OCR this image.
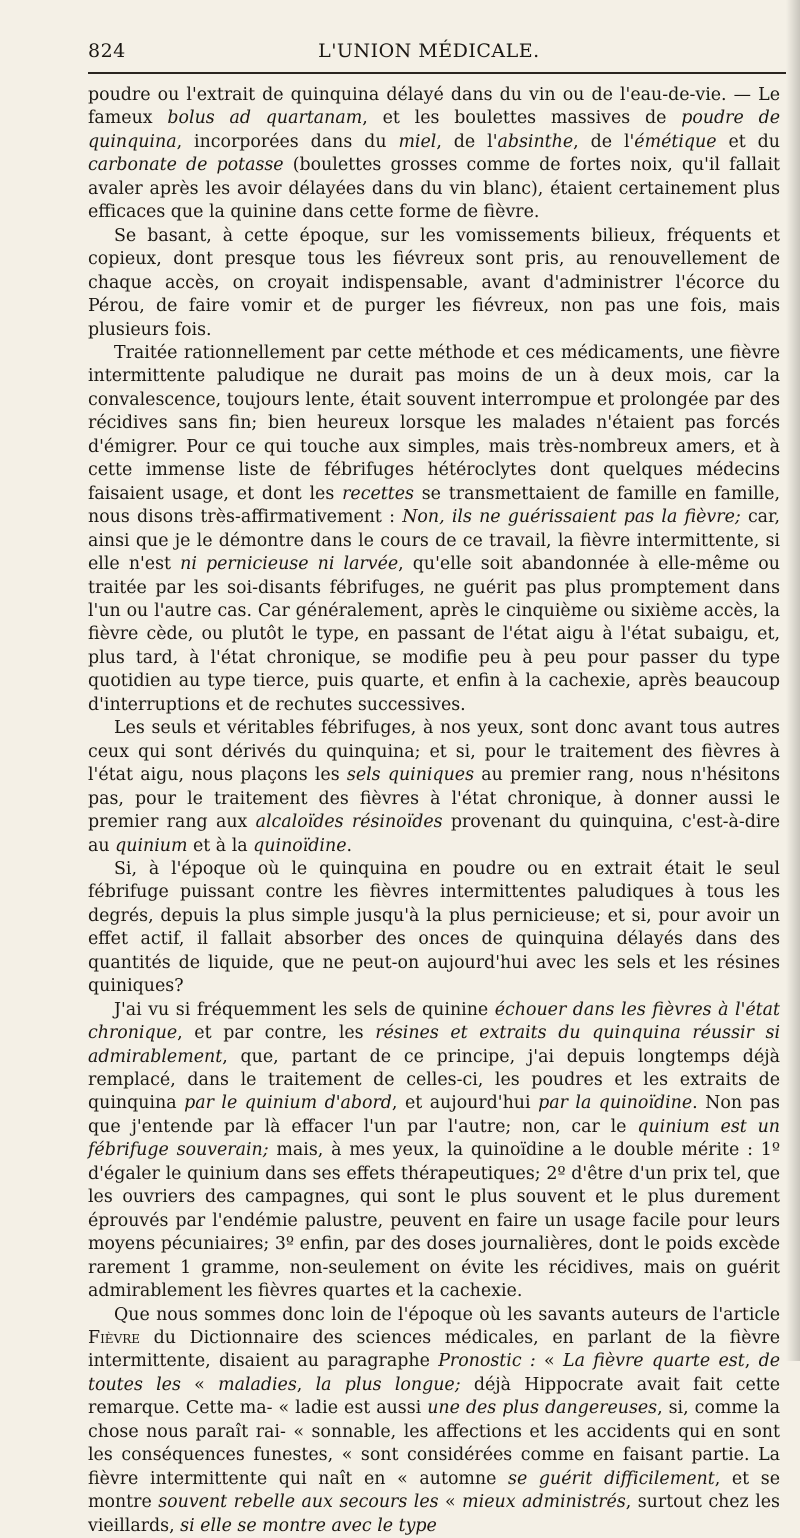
824	L'UNION MÉDICALE.

poudre ou l'extrait de quinquina délayé dans du vin ou de l'eau-de-vie. — Le fameux bolus ad quartanam, et les boulettes massives de poudre de quinquina, incorporées dans du miel, de l'absinthe, de l'émétique et du carbonate de potasse (boulettes grosses comme de fortes noix, qu'il fallait avaler après les avoir délayées dans du vin blanc), étaient certainement plus efficaces que la quinine dans cette forme de fièvre.

Se basant, à cette époque, sur les vomissements bilieux, fréquents et copieux, dont presque tous les fiévreux sont pris, au renouvellement de chaque accès, on croyait indispensable, avant d'administrer l'écorce du Pérou, de faire vomir et de purger les fiévreux, non pas une fois, mais plusieurs fois.

Traitée rationnellement par cette méthode et ces médicaments, une fièvre intermittente paludique ne durait pas moins de un à deux mois, car la convalescence, toujours lente, était souvent interrompue et prolongée par des récidives sans fin; bien heureux lorsque les malades n'étaient pas forcés d'émigrer. Pour ce qui touche aux simples, mais très-nombreux amers, et à cette immense liste de fébrifuges hétéroclytes dont quelques médecins faisaient usage, et dont les recettes se transmettaient de famille en famille, nous disons très-affirmativement : Non, ils ne guérissaient pas la fièvre; car, ainsi que je le démontre dans le cours de ce travail, la fièvre intermittente, si elle n'est ni pernicieuse ni larvée, qu'elle soit abandonnée à elle-même ou traitée par les soi-disants fébrifuges, ne guérit pas plus promptement dans l'un ou l'autre cas. Car généralement, après le cinquième ou sixième accès, la fièvre cède, ou plutôt le type, en passant de l'état aigu à l'état subaigu, et, plus tard, à l'état chronique, se modifie peu à peu pour passer du type quotidien au type tierce, puis quarte, et enfin à la cachexie, après beaucoup d'interruptions et de rechutes successives.

Les seuls et véritables fébrifuges, à nos yeux, sont donc avant tous autres ceux qui sont dérivés du quinquina; et si, pour le traitement des fièvres à l'état aigu, nous plaçons les sels quiniques au premier rang, nous n'hésitons pas, pour le traitement des fièvres à l'état chronique, à donner aussi le premier rang aux alcaloïdes résinoïdes provenant du quinquina, c'est-à-dire au quinium et à la quinoïdine.

Si, à l'époque où le quinquina en poudre ou en extrait était le seul fébrifuge puissant contre les fièvres intermittentes paludiques à tous les degrés, depuis la plus simple jusqu'à la plus pernicieuse; et si, pour avoir un effet actif, il fallait absorber des onces de quinquina délayés dans des quantités de liquide, que ne peut-on aujourd'hui avec les sels et les résines quiniques?

J'ai vu si fréquemment les sels de quinine échouer dans les fièvres à l'état chronique, et par contre, les résines et extraits du quinquina réussir si admirablement, que, partant de ce principe, j'ai depuis longtemps déjà remplacé, dans le traitement de celles-ci, les poudres et les extraits de quinquina par le quinium d'abord, et aujourd'hui par la quinoïdine. Non pas que j'entende par là effacer l'un par l'autre; non, car le quinium est un fébrifuge souverain; mais, à mes yeux, la quinoïdine a le double mérite : 1º d'égaler le quinium dans ses effets thérapeutiques; 2º d'être d'un prix tel, que les ouvriers des campagnes, qui sont le plus souvent et le plus durement éprouvés par l'endémie palustre, peuvent en faire un usage facile pour leurs moyens pécuniaires; 3º enfin, par des doses journalières, dont le poids excède rarement 1 gramme, non-seulement on évite les récidives, mais on guérit admirablement les fièvres quartes et la cachexie.

Que nous sommes donc loin de l'époque où les savants auteurs de l'article Fièvre du Dictionnaire des sciences médicales, en parlant de la fièvre intermittente, disaient au paragraphe Pronostic : « La fièvre quarte est, de toutes les « maladies, la plus longue; déjà Hippocrate avait fait cette remarque. Cette ma- « ladie est aussi une des plus dangereuses, si, comme la chose nous paraît rai- « sonnable, les affections et les accidents qui en sont les conséquences funestes, « sont considérées comme en faisant partie. La fièvre intermittente qui naît en « automne se guérit difficilement, et se montre souvent rebelle aux secours les « mieux administrés, surtout chez les vieillards, si elle se montre avec le type
